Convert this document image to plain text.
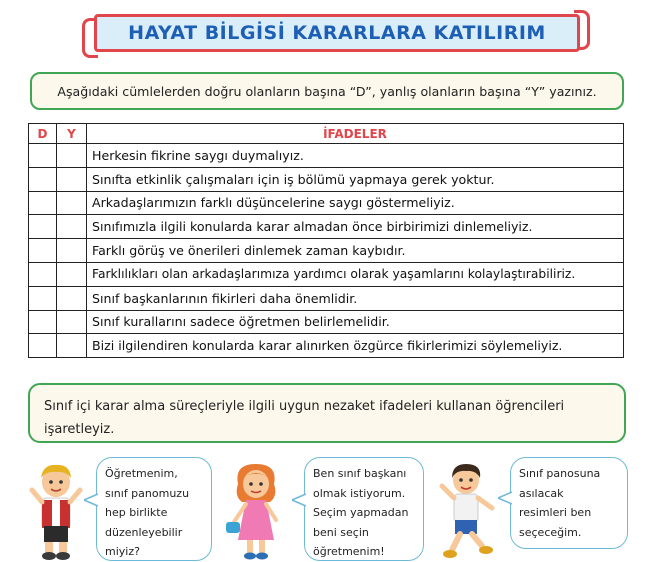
HAYAT BİLGİSİ KARARLARA KATILIRIM
Aşağıdaki cümlelerden doğru olanların başına “D”, yanlış olanların başına “Y” yazınız.
D	Y	İFADELER
		Herkesin fikrine saygı duymalıyız.
		Sınıfta etkinlik çalışmaları için iş bölümü yapmaya gerek yoktur.
		Arkadaşlarımızın farklı düşüncelerine saygı göstermeliyiz.
		Sınıfımızla ilgili konularda karar almadan önce birbirimizi dinlemeliyiz.
		Farklı görüş ve önerileri dinlemek zaman kaybıdır.
		Farklılıkları olan arkadaşlarımıza yardımcı olarak yaşamlarını kolaylaştırabiliriz.
		Sınıf başkanlarının fikirleri daha önemlidir.
		Sınıf kurallarını sadece öğretmen belirlemelidir.
		Bizi ilgilendiren konularda karar alınırken özgürce fikirlerimizi söylemeliyiz.
Sınıf içi karar alma süreçleriyle ilgili uygun nezaket ifadeleri kullanan öğrencileri işaretleyiz.
Öğretmenim,
sınıf panomuzu
hep birlikte
düzenleyebilir
miyiz?
Ben sınıf başkanı
olmak istiyorum.
Seçim yapmadan
beni seçin
öğretmenim!
Sınıf panosuna
asılacak
resimleri ben
seçeceğim.
